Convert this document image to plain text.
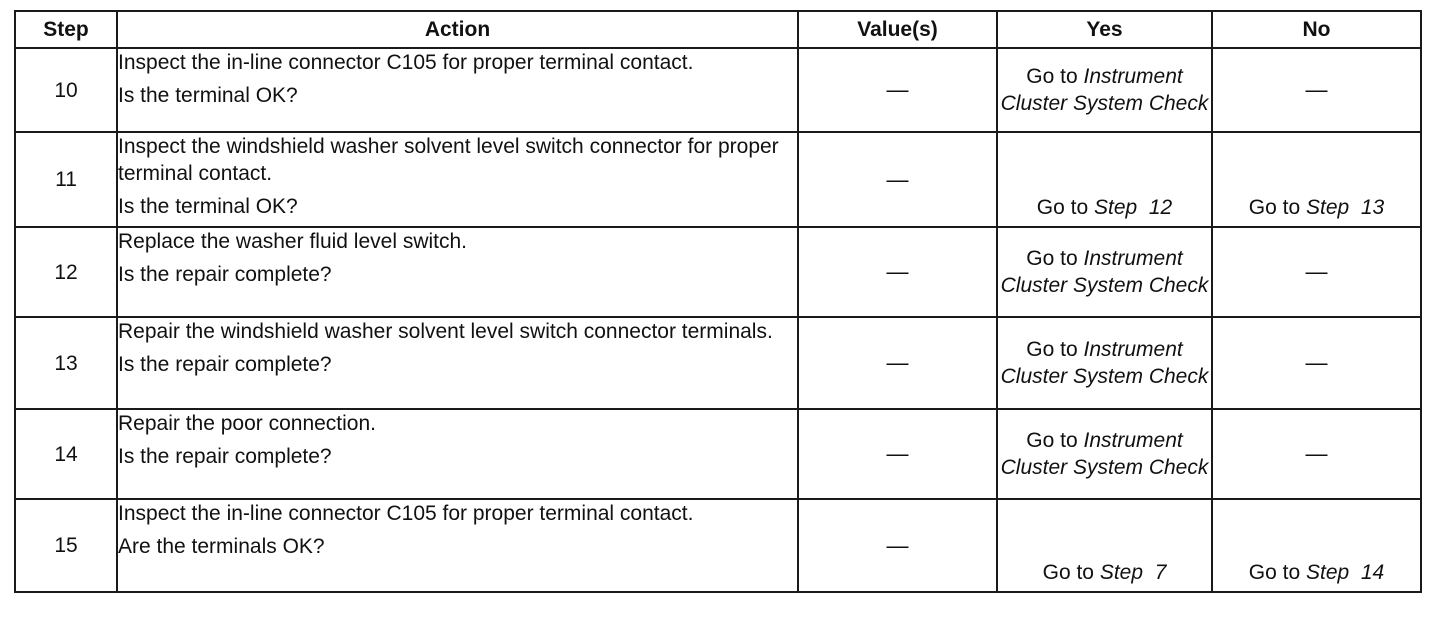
Step	Action	Value(s)	Yes	No
10	Inspect the in-line connector C105 for proper terminal contact.
Is the terminal OK?	—	Go to Instrument Cluster System Check	—
11	Inspect the windshield washer solvent level switch connector for proper terminal contact.
Is the terminal OK?	—	Go to Step  12	Go to Step  13
12	Replace the washer fluid level switch.
Is the repair complete?	—	Go to Instrument Cluster System Check	—
13	Repair the windshield washer solvent level switch connector terminals.
Is the repair complete?	—	Go to Instrument Cluster System Check	—
14	Repair the poor connection.
Is the repair complete?	—	Go to Instrument Cluster System Check	—
15	Inspect the in-line connector C105 for proper terminal contact.
Are the terminals OK?	—	Go to Step  7	Go to Step  14
